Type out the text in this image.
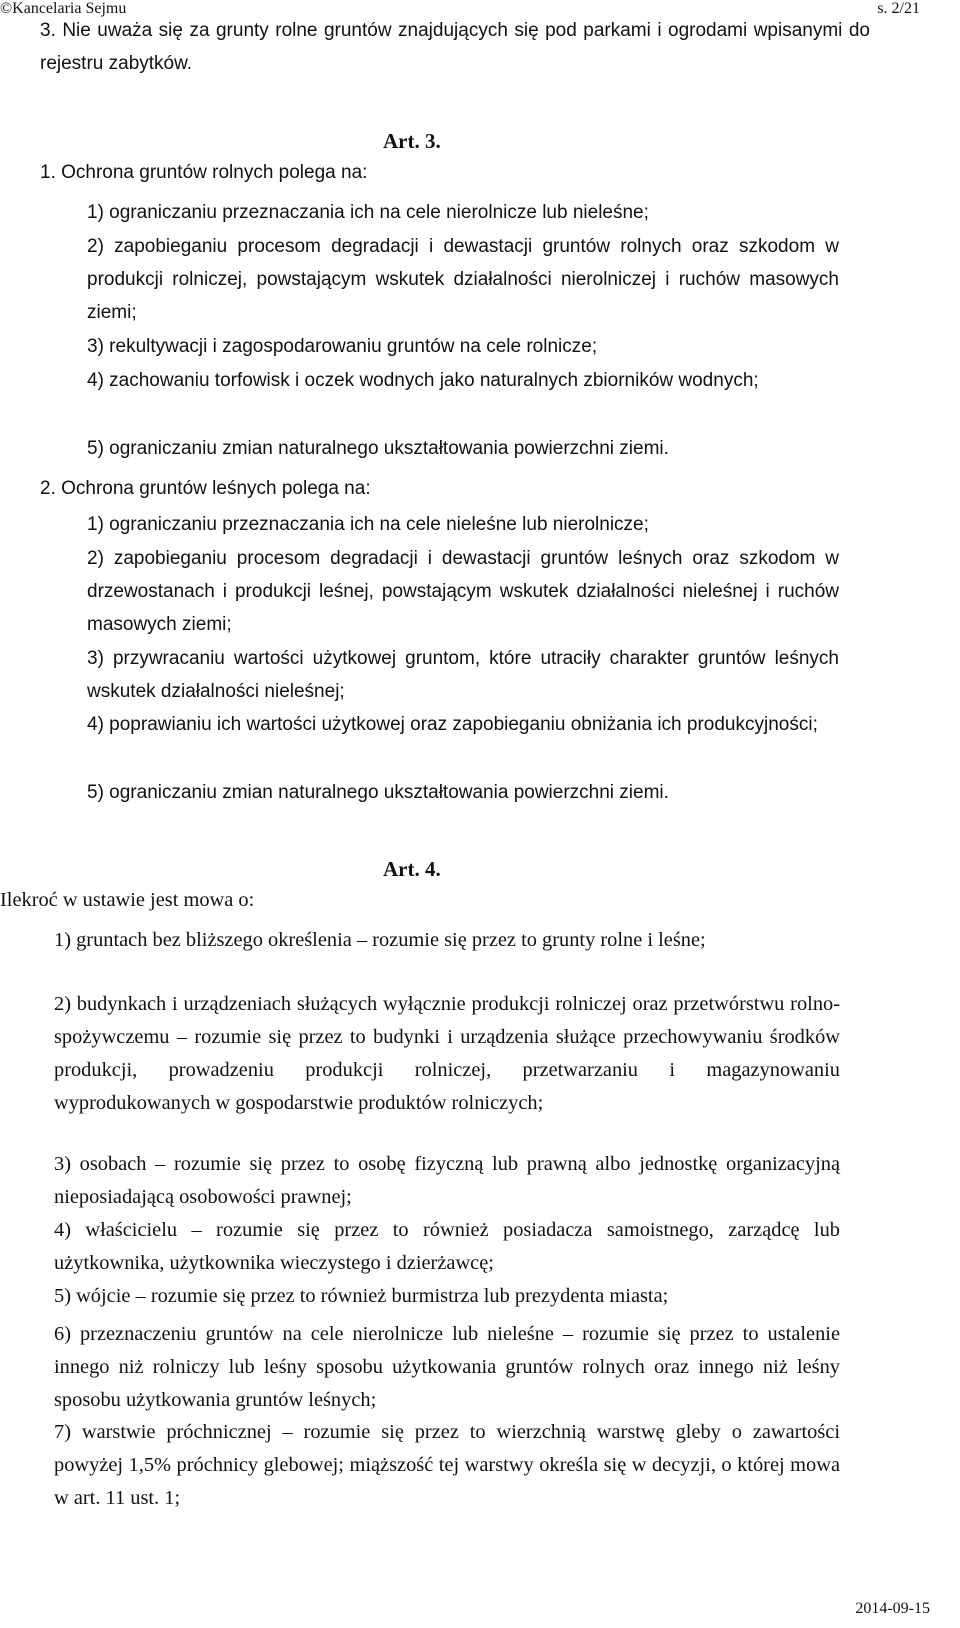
©Kancelaria Sejmu	s. 2/21

3. Nie uważa się za grunty rolne gruntów znajdujących się pod parkami i ogrodami wpisanymi do rejestru zabytków.

Art. 3.

1. Ochrona gruntów rolnych polega na:

1) ograniczaniu przeznaczania ich na cele nierolnicze lub nieleśne;

2) zapobieganiu procesom degradacji i dewastacji gruntów rolnych oraz szkodom w produkcji rolniczej, powstającym wskutek działalności nierolniczej i ruchów masowych ziemi;

3) rekultywacji i zagospodarowaniu gruntów na cele rolnicze;

4) zachowaniu torfowisk i oczek wodnych jako naturalnych zbiorników wodnych;

5) ograniczaniu zmian naturalnego ukształtowania powierzchni ziemi.

2. Ochrona gruntów leśnych polega na:

1) ograniczaniu przeznaczania ich na cele nieleśne lub nierolnicze;

2) zapobieganiu procesom degradacji i dewastacji gruntów leśnych oraz szkodom w drzewostanach i produkcji leśnej, powstającym wskutek działalności nieleśnej i ruchów masowych ziemi;

3) przywracaniu wartości użytkowej gruntom, które utraciły charakter gruntów leśnych wskutek działalności nieleśnej;

4) poprawianiu ich wartości użytkowej oraz zapobieganiu obniżania ich produkcyjności;

5) ograniczaniu zmian naturalnego ukształtowania powierzchni ziemi.

Art. 4.

Ilekroć w ustawie jest mowa o:

1) gruntach bez bliższego określenia – rozumie się przez to grunty rolne i leśne;

2) budynkach i urządzeniach służących wyłącznie produkcji rolniczej oraz przetwórstwu rolno-spożywczemu – rozumie się przez to budynki i urządzenia służące przechowywaniu środków produkcji, prowadzeniu produkcji rolniczej, przetwarzaniu i magazynowaniu wyprodukowanych w gospodarstwie produktów rolniczych;

3) osobach – rozumie się przez to osobę fizyczną lub prawną albo jednostkę organizacyjną nieposiadającą osobowości prawnej;

4) właścicielu – rozumie się przez to również posiadacza samoistnego, zarządcę lub użytkownika, użytkownika wieczystego i dzierżawcę;

5) wójcie – rozumie się przez to również burmistrza lub prezydenta miasta;

6) przeznaczeniu gruntów na cele nierolnicze lub nieleśne – rozumie się przez to ustalenie innego niż rolniczy lub leśny sposobu użytkowania gruntów rolnych oraz innego niż leśny sposobu użytkowania gruntów leśnych;

7) warstwie próchnicznej – rozumie się przez to wierzchnią warstwę gleby o zawartości powyżej 1,5% próchnicy glebowej; miąższość tej warstwy określa się w decyzji, o której mowa w art. 11 ust. 1;

2014-09-15
